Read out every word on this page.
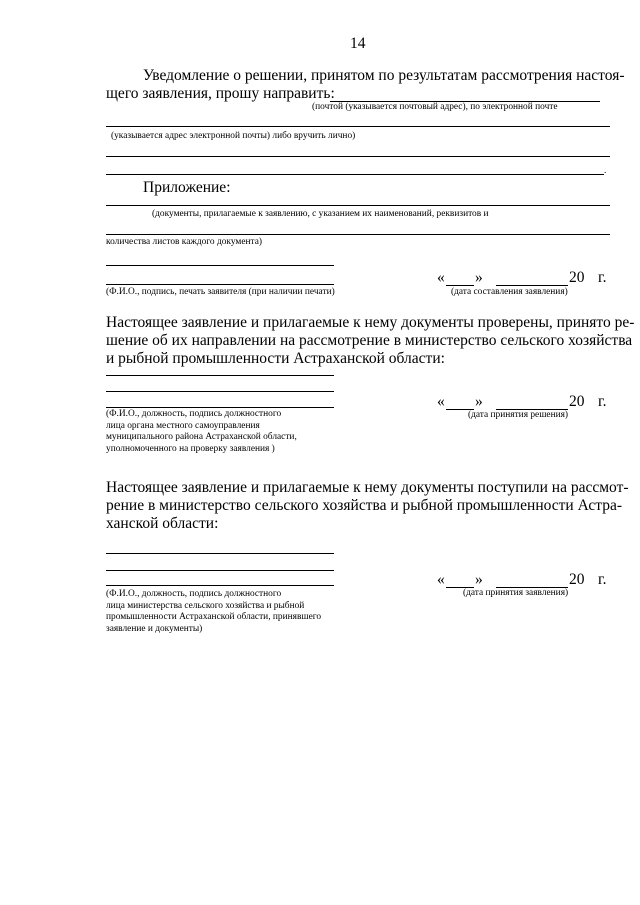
14
Уведомление о решении, принятом по результатам рассмотрения настоя-
щего заявления, прошу направить:
(почтой (указывается почтовый адрес), по электронной почте
(указывается адрес электронной почты) либо вручить лично)
.
Приложение:
(документы, прилагаемые к заявлению, с указанием их наименований, реквизитов и
количества листов каждого документа)
« »	20 г.
(Ф.И.О., подпись, печать заявителя (при наличии печати)	(дата составления заявления)
Настоящее заявление и прилагаемые к нему документы проверены, принято ре-
шение об их направлении на рассмотрение в министерство сельского хозяйства
и рыбной промышленности Астраханской области:
« »	20 г.
(Ф.И.О., должность, подпись должностного
лица органа местного самоуправления
муниципального района Астраханской области,
уполномоченного на проверку заявления )
(дата принятия решения)
Настоящее заявление и прилагаемые к нему документы поступили на рассмот-
рение в министерство сельского хозяйства и рыбной промышленности Астра-
ханской области:
« »	20 г.
(Ф.И.О., должность, подпись должностного
лица министерства сельского хозяйства и рыбной
промышленности Астраханской области, принявшего
заявление и документы)
(дата принятия заявления)
